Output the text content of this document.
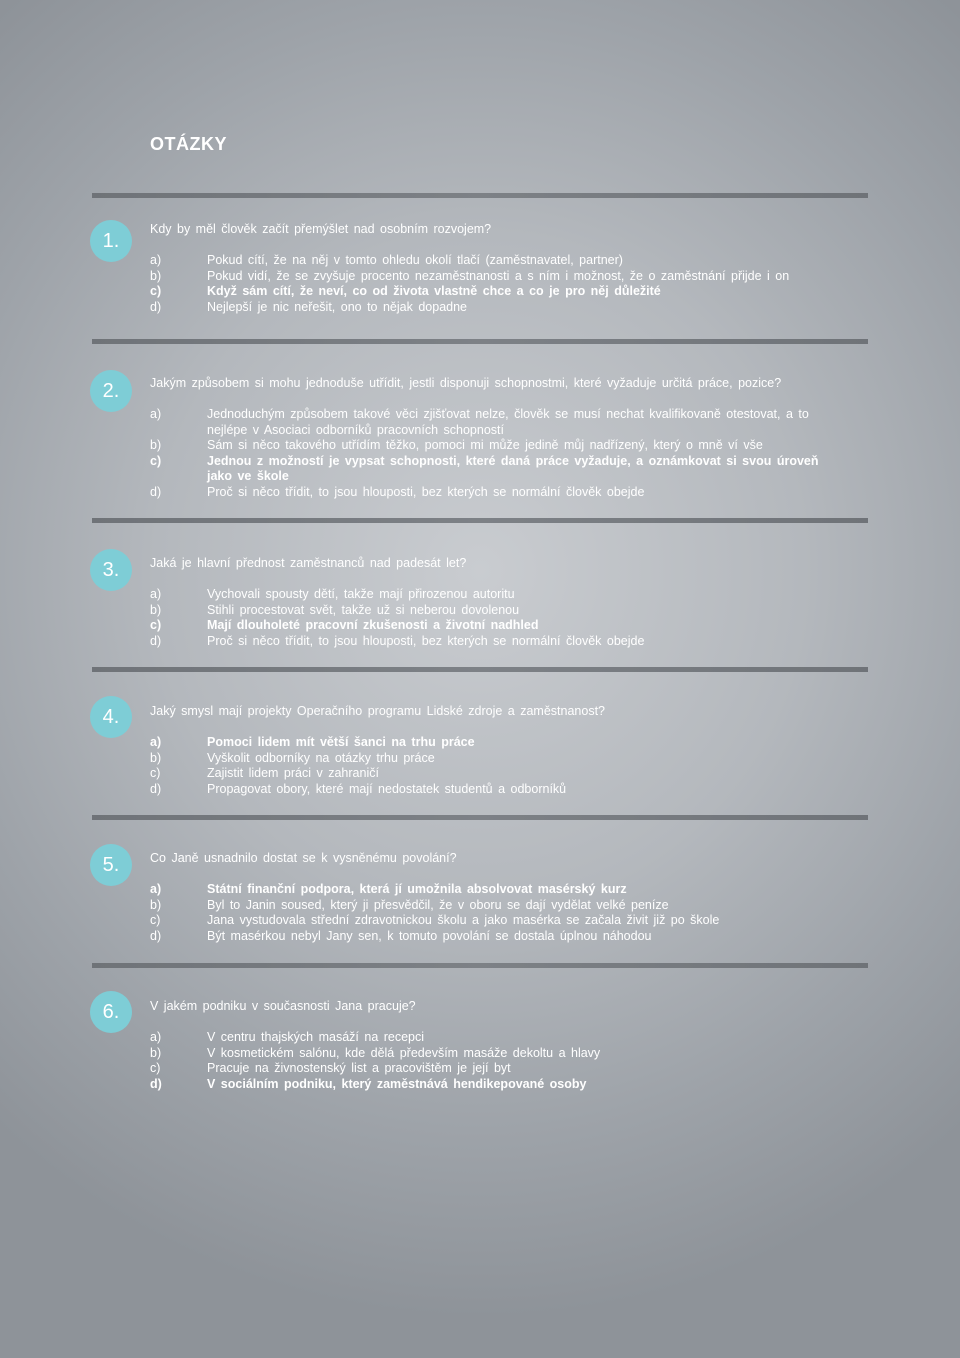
OTÁZKY
1.
Kdy by měl člověk začít přemýšlet nad osobním rozvojem?
a)	Pokud cítí, že na něj v tomto ohledu okolí tlačí (zaměstnavatel, partner)
b)	Pokud vidí, že se zvyšuje procento nezaměstnanosti a s ním i možnost, že o zaměstnání přijde i on
c)	Když sám cítí, že neví, co od života vlastně chce a co je pro něj důležité
d)	Nejlepší je nic neřešit, ono to nějak dopadne
2.	Jakým způsobem si mohu jednoduše utřídit, jestli disponuji schopnostmi, které vyžaduje určitá práce, pozice?
a)	Jednoduchým způsobem takové věci zjišťovat nelze, člověk se musí nechat kvalifikovaně otestovat, a to nejlépe v Asociaci odborníků pracovních schopností
b)	Sám si něco takového utřídím těžko, pomoci mi může jedině můj nadřízený, který o mně ví vše
c)	Jednou z možností je vypsat schopnosti, které daná práce vyžaduje, a oznámkovat si svou úroveň jako ve škole
d)	Proč si něco třídit, to jsou hlouposti, bez kterých se normální člověk obejde
3.	Jaká je hlavní přednost zaměstnanců nad padesát let?
a)	Vychovali spousty dětí, takže mají přirozenou autoritu
b)	Stihli procestovat svět, takže už si neberou dovolenou
c)	Mají dlouholeté pracovní zkušenosti a životní nadhled
d)	Proč si něco třídit, to jsou hlouposti, bez kterých se normální člověk obejde
4.	Jaký smysl mají projekty Operačního programu Lidské zdroje a zaměstnanost?
a)	Pomoci lidem mít větší šanci na trhu práce
b)	Vyškolit odborníky na otázky trhu práce
c)	Zajistit lidem práci v zahraničí
d)	Propagovat obory, které mají nedostatek studentů a odborníků
5.	Co Janě usnadnilo dostat se k vysněnému povolání?
a)	Státní finanční podpora, která jí umožnila absolvovat masérský kurz
b)	Byl to Janin soused, který ji přesvědčil, že v oboru se dají vydělat velké peníze
c)	Jana vystudovala střední zdravotnickou školu a jako masérka se začala živit již po škole
d)	Být masérkou nebyl Jany sen, k tomuto povolání se dostala úplnou náhodou
6.	V jakém podniku v současnosti Jana pracuje?
a)	V centru thajských masáží na recepci
b)	V kosmetickém salónu, kde dělá především masáže dekoltu a hlavy
c)	Pracuje na živnostenský list a pracovištěm je její byt
d)	V sociálním podniku, který zaměstnává hendikepované osoby
